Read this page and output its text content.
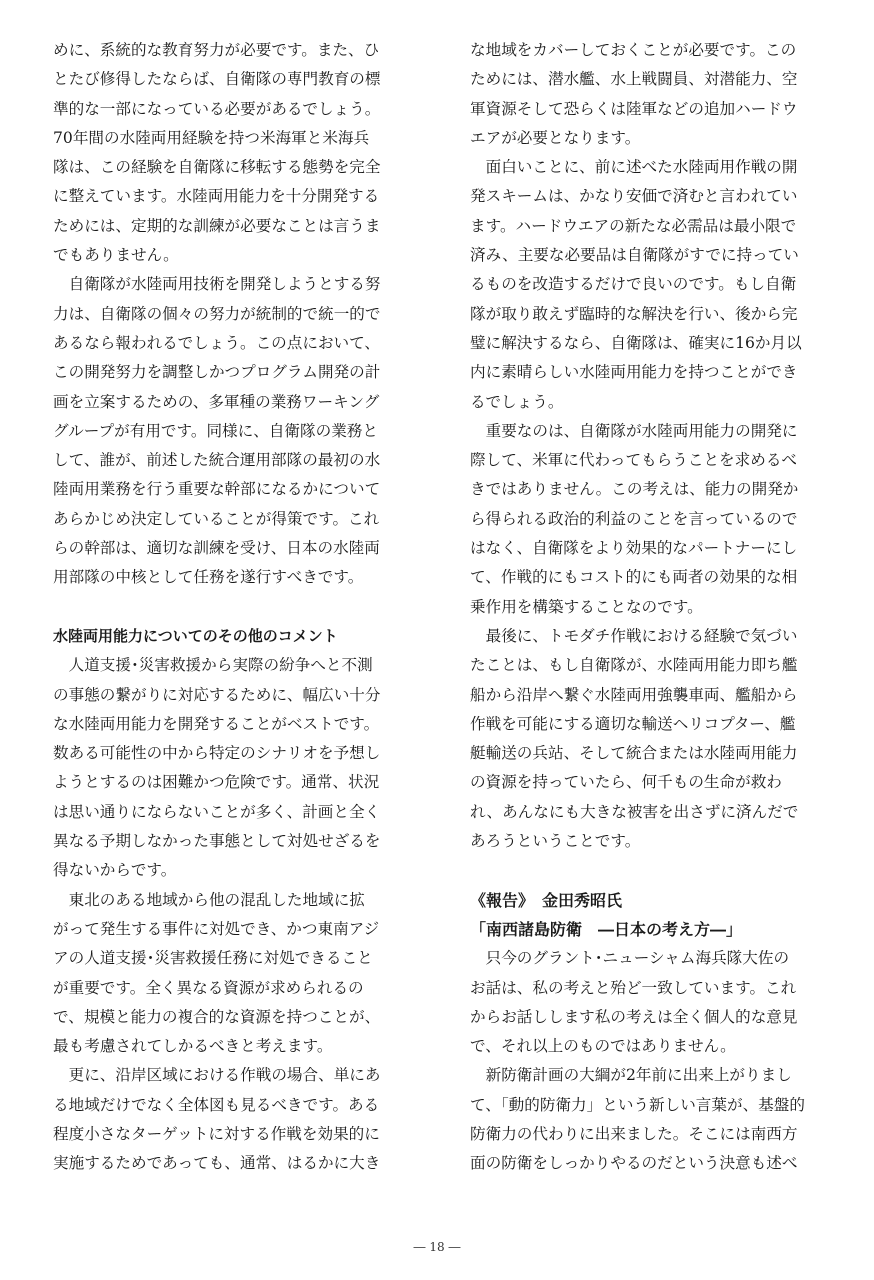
めに、系統的な教育努力が必要です。また、ひ
とたび修得したならば、自衛隊の専門教育の標
準的な一部になっている必要があるでしょう。
70年間の水陸両用経験を持つ米海軍と米海兵
隊は、この経験を自衛隊に移転する態勢を完全
に整えています。水陸両用能力を十分開発する
ためには、定期的な訓練が必要なことは言うま
でもありません。
　自衛隊が水陸両用技術を開発しようとする努
力は、自衛隊の個々の努力が統制的で統一的で
あるなら報われるでしょう。この点において、
この開発努力を調整しかつプログラム開発の計
画を立案するための、多軍種の業務ワーキング
グループが有用です。同様に、自衛隊の業務と
して、誰が、前述した統合運用部隊の最初の水
陸両用業務を行う重要な幹部になるかについて
あらかじめ決定していることが得策です。これ
らの幹部は、適切な訓練を受け、日本の水陸両
用部隊の中核として任務を遂行すべきです。
水陸両用能力についてのその他のコメント
　人道支援･災害救援から実際の紛争へと不測
の事態の繋がりに対応するために、幅広い十分
な水陸両用能力を開発することがベストです。
数ある可能性の中から特定のシナリオを予想し
ようとするのは困難かつ危険です。通常、状況
は思い通りにならないことが多く、計画と全く
異なる予期しなかった事態として対処せざるを
得ないからです。
　東北のある地域から他の混乱した地域に拡
がって発生する事件に対処でき、かつ東南アジ
アの人道支援･災害救援任務に対処できること
が重要です。全く異なる資源が求められるの
で、規模と能力の複合的な資源を持つことが、
最も考慮されてしかるべきと考えます。
　更に、沿岸区域における作戦の場合、単にあ
る地域だけでなく全体図も見るべきです。ある
程度小さなターゲットに対する作戦を効果的に
実施するためであっても、通常、はるかに大き
な地域をカバーしておくことが必要です。この
ためには、潜水艦、水上戦闘員、対潜能力、空
軍資源そして恐らくは陸軍などの追加ハードウ
エアが必要となります。
　面白いことに、前に述べた水陸両用作戦の開
発スキームは、かなり安価で済むと言われてい
ます。ハードウエアの新たな必需品は最小限で
済み、主要な必要品は自衛隊がすでに持ってい
るものを改造するだけで良いのです。もし自衛
隊が取り敢えず臨時的な解決を行い、後から完
璧に解決するなら、自衛隊は、確実に16か月以
内に素晴らしい水陸両用能力を持つことができ
るでしょう。
　重要なのは、自衛隊が水陸両用能力の開発に
際して、米軍に代わってもらうことを求めるべ
きではありません。この考えは、能力の開発か
ら得られる政治的利益のことを言っているので
はなく、自衛隊をより効果的なパートナーにし
て、作戦的にもコスト的にも両者の効果的な相
乗作用を構築することなのです。
　最後に、トモダチ作戦における経験で気づい
たことは、もし自衛隊が、水陸両用能力即ち艦
船から沿岸へ繋ぐ水陸両用強襲車両、艦船から
作戦を可能にする適切な輸送ヘリコプター、艦
艇輸送の兵站、そして統合または水陸両用能力
の資源を持っていたら、何千もの生命が救わ
れ、あんなにも大きな被害を出さずに済んだで
あろうということです。
《報告》　金田秀昭氏
「南西諸島防衛　―日本の考え方―」
　只今のグラント･ニューシャム海兵隊大佐の
お話は、私の考えと殆ど一致しています。これ
からお話しします私の考えは全く個人的な意見
で、それ以上のものではありません。
　新防衛計画の大綱が2年前に出来上がりまし
て、「動的防衛力」という新しい言葉が、基盤的
防衛力の代わりに出来ました。そこには南西方
面の防衛をしっかりやるのだという決意も述べ
― 18 ―
